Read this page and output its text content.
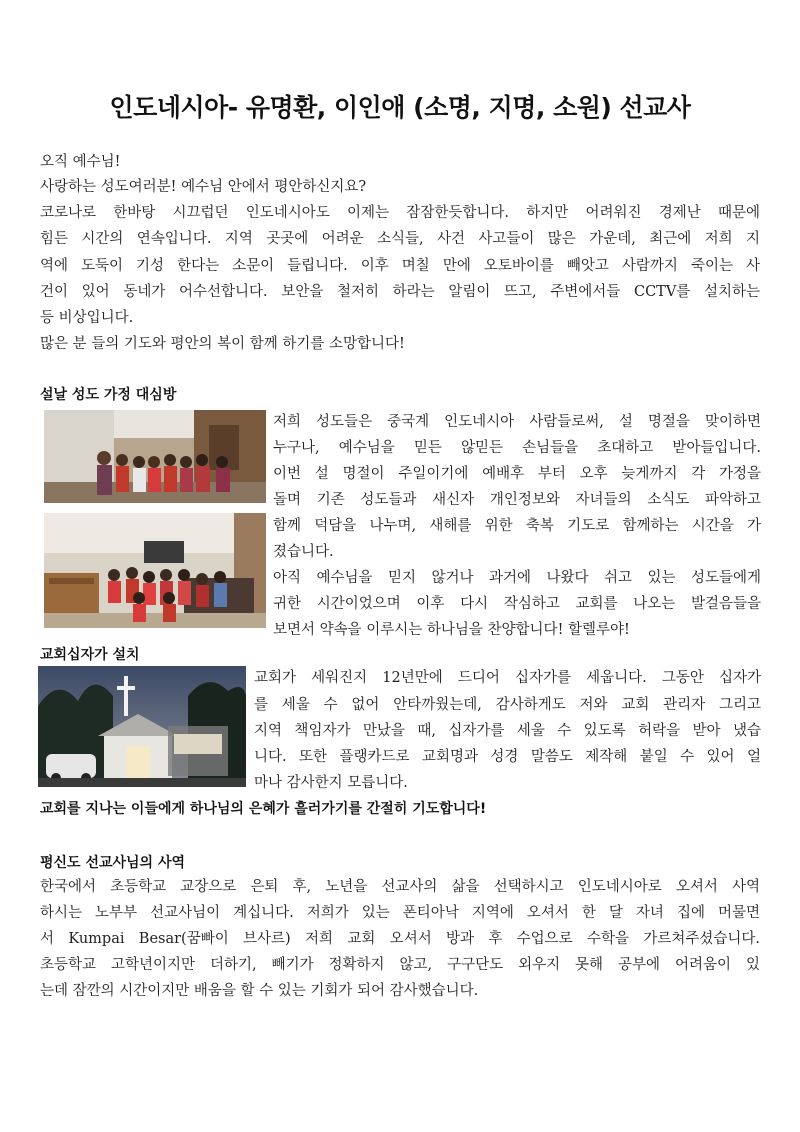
인도네시아- 유명환, 이인애 (소명, 지명, 소원) 선교사
오직 예수님!
사랑하는 성도여러분! 예수님 안에서 평안하신지요?
코로나로 한바탕 시끄럽던 인도네시아도 이제는 잠잠한듯합니다. 하지만 어려워진 경제난 때문에
힘든 시간의 연속입니다. 지역 곳곳에 어려운 소식들, 사건 사고들이 많은 가운데, 최근에 저희 지
역에 도둑이 기성 한다는 소문이 들립니다. 이후 며칠 만에 오토바이를 빼앗고 사람까지 죽이는 사
건이 있어 동네가 어수선합니다. 보안을 철저히 하라는 알림이 뜨고, 주변에서들 CCTV를 설치하는
등 비상입니다.
많은 분 들의 기도와 평안의 복이 함께 하기를 소망합니다!
설날 성도 가정 대심방
저희 성도들은 중국계 인도네시아 사람들로써, 설 명절을 맞이하면
누구나, 예수님을 믿든 않믿든 손님들을 초대하고 받아들입니다.
이번 설 명절이 주일이기에 예배후 부터 오후 늦게까지 각 가정을
돌며 기존 성도들과 새신자 개인정보와 자녀들의 소식도 파악하고
함께 덕담을 나누며, 새해를 위한 축복 기도로 함께하는 시간을 가
졌습니다.
아직 예수님을 믿지 않거나 과거에 나왔다 쉬고 있는 성도들에게
귀한 시간이었으며 이후 다시 작심하고 교회를 나오는 발걸음들을
보면서 약속을 이루시는 하나님을 찬양합니다! 할렐루야!
교회십자가 설치
교회가 세워진지 12년만에 드디어 십자가를 세웁니다. 그동안 십자가
를 세울 수 없어 안타까웠는데, 감사하게도 저와 교회 관리자 그리고
지역 책임자가 만났을 때, 십자가를 세울 수 있도록 허락을 받아 냈습
니다. 또한 플랭카드로 교회명과 성경 말씀도 제작해 붙일 수 있어 얼
마나 감사한지 모릅니다.
교회를 지나는 이들에게 하나님의 은혜가 흘러가기를 간절히 기도합니다!
평신도 선교사님의 사역
한국에서 초등학교 교장으로 은퇴 후, 노년을 선교사의 삶을 선택하시고 인도네시아로 오셔서 사역
하시는 노부부 선교사님이 계십니다. 저희가 있는 폰티아낙 지역에 오셔서 한 달 자녀 집에 머물면
서 Kumpai Besar(꿈빠이 브사르) 저희 교회 오셔서 방과 후 수업으로 수학을 가르쳐주셨습니다.
초등학교 고학년이지만 더하기, 빼기가 정확하지 않고, 구구단도 외우지 못해 공부에 어려움이 있
는데 잠깐의 시간이지만 배움을 할 수 있는 기회가 되어 감사했습니다.
